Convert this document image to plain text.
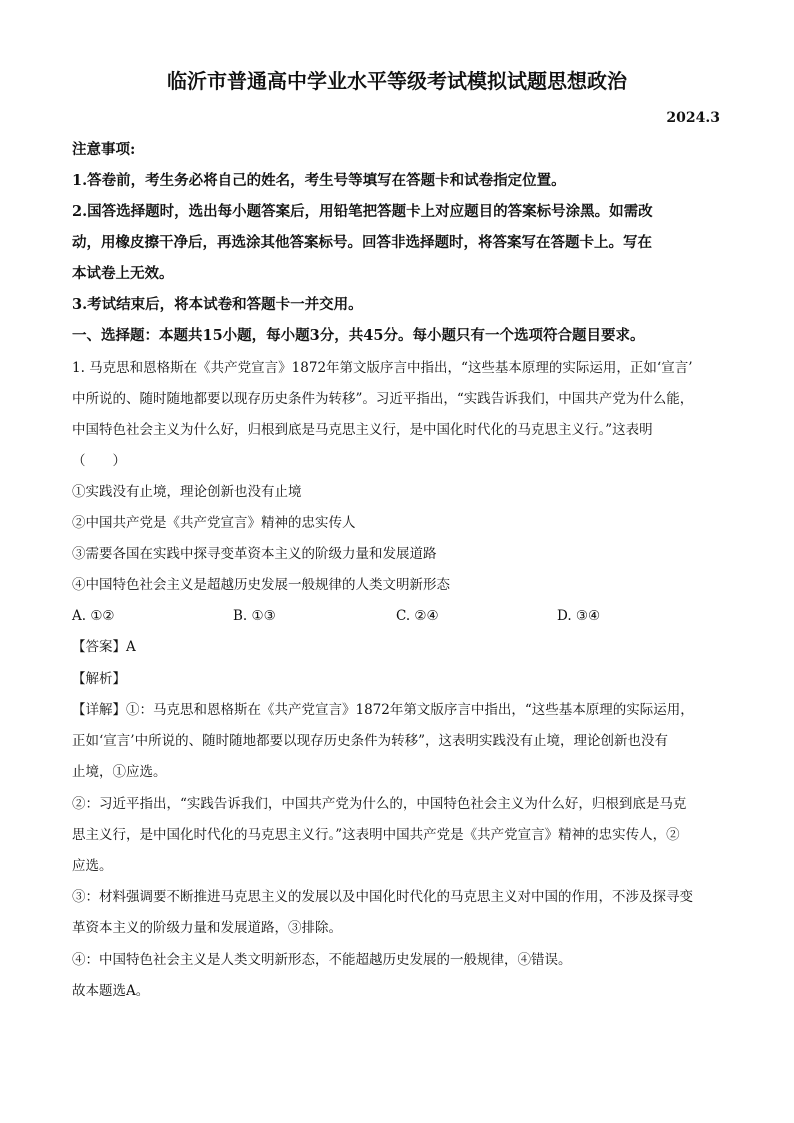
临沂市普通高中学业水平等级考试模拟试题思想政治
2024.3
注意事项:
1.答卷前，考生务必将自己的姓名，考生号等填写在答题卡和试卷指定位置。
2.国答选择题时，选出每小题答案后，用铅笔把答题卡上对应题目的答案标号涂黑。如需改
动，用橡皮擦干净后，再选涂其他答案标号。回答非选择题时，将答案写在答题卡上。写在
本试卷上无效。
3.考试结束后，将本试卷和答题卡一并交用。
一、选择题：本题共15小题，每小题3分，共45分。每小题只有一个选项符合题目要求。
1. 马克思和恩格斯在《共产党宣言》1872年第文版序言中指出，“这些基本原理的实际运用，正如‘宣言’
中所说的、随时随地都要以现存历史条件为转移”。习近平指出，“实践告诉我们，中国共产党为什么能，
中国特色社会主义为什么好，归根到底是马克思主义行，是中国化时代化的马克思主义行。”这表明
（　　）
①实践没有止境，理论创新也没有止境
②中国共产党是《共产党宣言》精神的忠实传人
③需要各国在实践中探寻变革资本主义的阶级力量和发展道路
④中国特色社会主义是超越历史发展一般规律的人类文明新形态
A. ①②	B. ①③	C. ②④	D. ③④
【答案】A
【解析】
【详解】①：马克思和恩格斯在《共产党宣言》1872年第文版序言中指出，“这些基本原理的实际运用，
正如‘宣言’中所说的、随时随地都要以现存历史条件为转移”，这表明实践没有止境，理论创新也没有
止境，①应选。
②：习近平指出，“实践告诉我们，中国共产党为什么的，中国特色社会主义为什么好，归根到底是马克
思主义行，是中国化时代化的马克思主义行。”这表明中国共产党是《共产党宣言》精神的忠实传人，②
应选。
③：材料强调要不断推进马克思主义的发展以及中国化时代化的马克思主义对中国的作用，不涉及探寻变
革资本主义的阶级力量和发展道路，③排除。
④：中国特色社会主义是人类文明新形态，不能超越历史发展的一般规律，④错误。
故本题选A。
